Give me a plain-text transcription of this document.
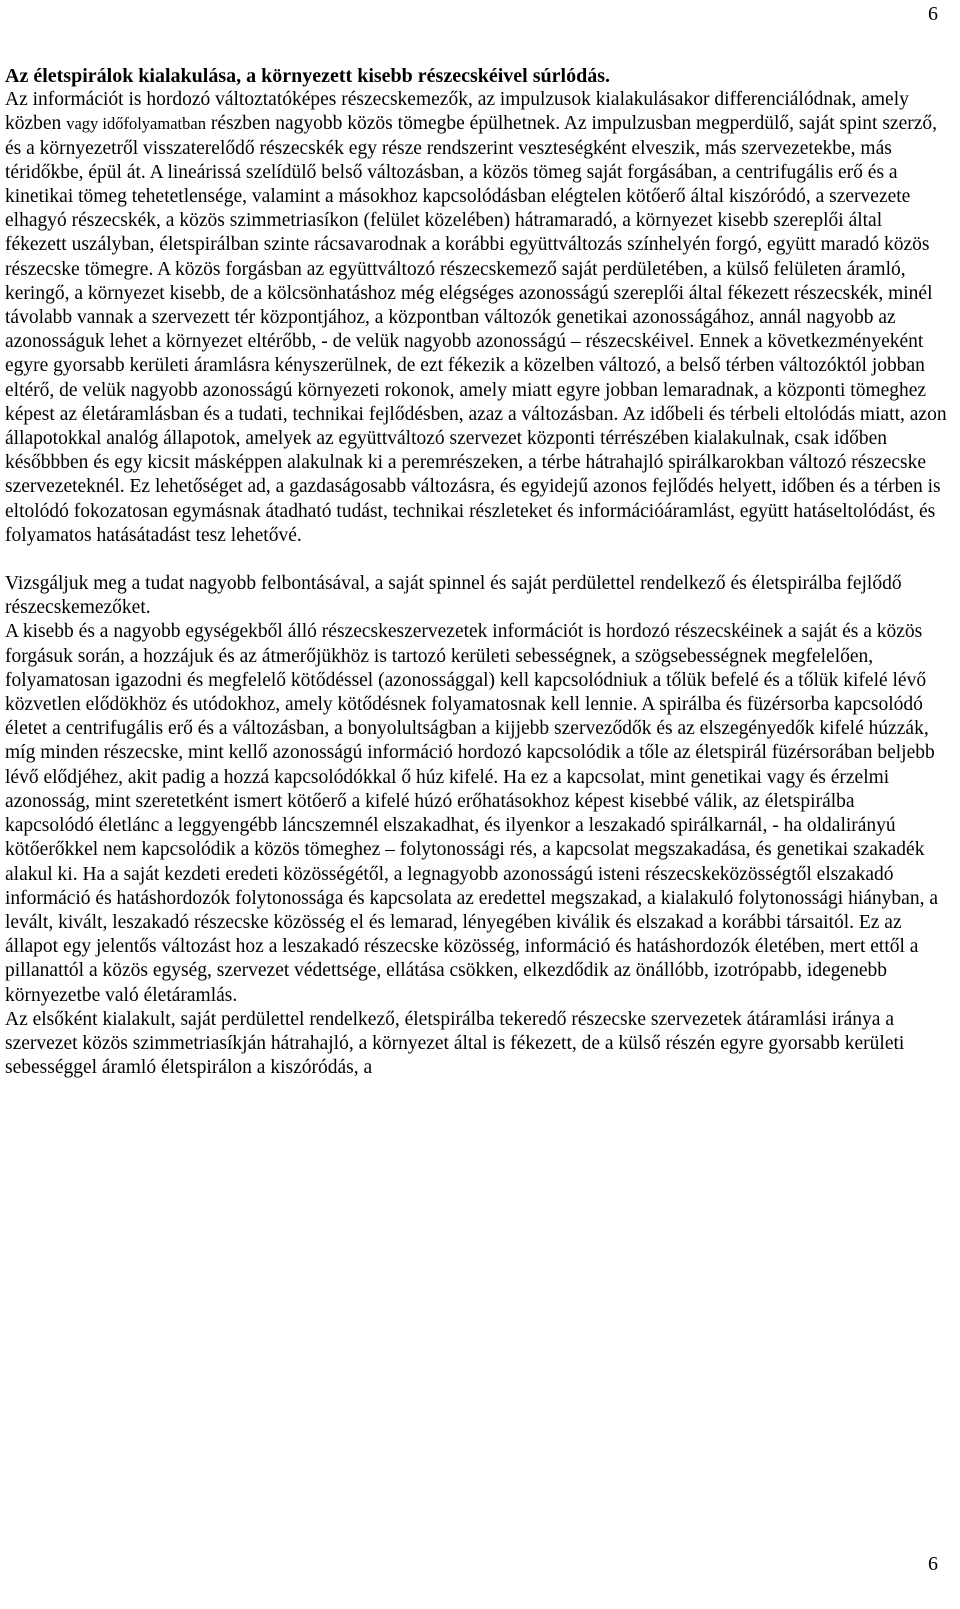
6

Az életspirálok kialakulása, a környezett kisebb részecskéivel súrlódás.

Az információt is hordozó változtatóképes részecskemezők, az impulzusok kialakulásakor differenciálódnak, amely közben vagy időfolyamatban részben nagyobb közös tömegbe épülhetnek. Az impulzusban megperdülő, saját spint szerző, és a környezetről visszaterelődő részecskék egy része rendszerint veszteségként elveszik, más szervezetekbe, más téridőkbe, épül át. A lineárissá szelídülő belső változásban, a közös tömeg saját forgásában, a centrifugális erő és a kinetikai tömeg tehetetlensége, valamint a másokhoz kapcsolódásban elégtelen kötőerő által kiszóródó, a szervezete elhagyó részecskék, a közös szimmetriasíkon (felület közelében) hátramaradó, a környezet kisebb szereplői által fékezett uszályban, életspirálban szinte rácsavarodnak a korábbi együttváltozás színhelyén forgó, együtt maradó közös részecske tömegre. A közös forgásban az együttváltozó részecskemező saját perdületében, a külső felületen áramló, keringő, a környezet kisebb, de a kölcsönhatáshoz még elégséges azonosságú szereplői által fékezett részecskék, minél távolabb vannak a szervezett tér központjához, a központban változók genetikai azonosságához, annál nagyobb az azonosságuk lehet a környezet eltérőbb, - de velük nagyobb azonosságú – részecskéivel. Ennek a következményeként egyre gyorsabb kerületi áramlásra kényszerülnek, de ezt fékezik a közelben változó, a belső térben változóktól jobban eltérő, de velük nagyobb azonosságú környezeti rokonok, amely miatt egyre jobban lemaradnak, a központi tömeghez képest az életáramlásban és a tudati, technikai fejlődésben, azaz a változásban. Az időbeli és térbeli eltolódás miatt, azon állapotokkal analóg állapotok, amelyek az együttváltozó szervezet központi térrészében kialakulnak, csak időben későbbben és egy kicsit másképpen alakulnak ki a peremrészeken, a térbe hátrahajló spirálkarokban változó részecske szervezeteknél. Ez lehetőséget ad, a gazdaságosabb változásra, és egyidejű azonos fejlődés helyett, időben és a térben is eltolódó fokozatosan egymásnak átadható tudást, technikai részleteket és információáramlást, együtt hatáseltolódást, és folyamatos hatásátadást tesz lehetővé.

Vizsgáljuk meg a tudat nagyobb felbontásával, a saját spinnel és saját perdülettel rendelkező és életspirálba fejlődő részecskemezőket.

A kisebb és a nagyobb egységekből álló részecskeszervezetek információt is hordozó részecskéinek a saját és a közös forgásuk során, a hozzájuk és az átmerőjükhöz is tartozó kerületi sebességnek, a szögsebességnek megfelelően, folyamatosan igazodni és megfelelő kötődéssel (azonossággal) kell kapcsolódniuk a tőlük befelé és a tőlük kifelé lévő közvetlen elődökhöz és utódokhoz, amely kötődésnek folyamatosnak kell lennie. A spirálba és füzérsorba kapcsolódó életet a centrifugális erő és a változásban, a bonyolultságban a kijjebb szerveződők és az elszegényedők kifelé húzzák, míg minden részecske, mint kellő azonosságú információ hordozó kapcsolódik a tőle az életspirál füzérsorában beljebb lévő elődjéhez, akit padig a hozzá kapcsolódókkal ő húz kifelé. Ha ez a kapcsolat, mint genetikai vagy és érzelmi azonosság, mint szeretetként ismert kötőerő a kifelé húzó erőhatásokhoz képest kisebbé válik, az életspirálba kapcsolódó életlánc a leggyengébb láncszemnél elszakadhat, és ilyenkor a leszakadó spirálkarnál, - ha oldalirányú kötőerőkkel nem kapcsolódik a közös tömeghez – folytonossági rés, a kapcsolat megszakadása, és genetikai szakadék alakul ki. Ha a saját kezdeti eredeti közösségétől, a legnagyobb azonosságú isteni részecskeközösségtől elszakadó információ és hatáshordozók folytonossága és kapcsolata az eredettel megszakad, a kialakuló folytonossági hiányban, a levált, kivált, leszakadó részecske közösség el és lemarad, lényegében kiválik és elszakad a korábbi társaitól. Ez az állapot egy jelentős változást hoz a leszakadó részecske közösség, információ és hatáshordozók életében, mert ettől a pillanattól a közös egység, szervezet védettsége, ellátása csökken, elkezdődik az önállóbb, izotrópabb, idegenebb környezetbe való életáramlás.

Az elsőként kialakult, saját perdülettel rendelkező, életspirálba tekeredő részecske szervezetek átáramlási iránya a szervezet közös szimmetriasíkján hátrahajló, a környezet által is fékezett, de a külső részén egyre gyorsabb kerületi sebességgel áramló életspirálon a kiszóródás, a

6
